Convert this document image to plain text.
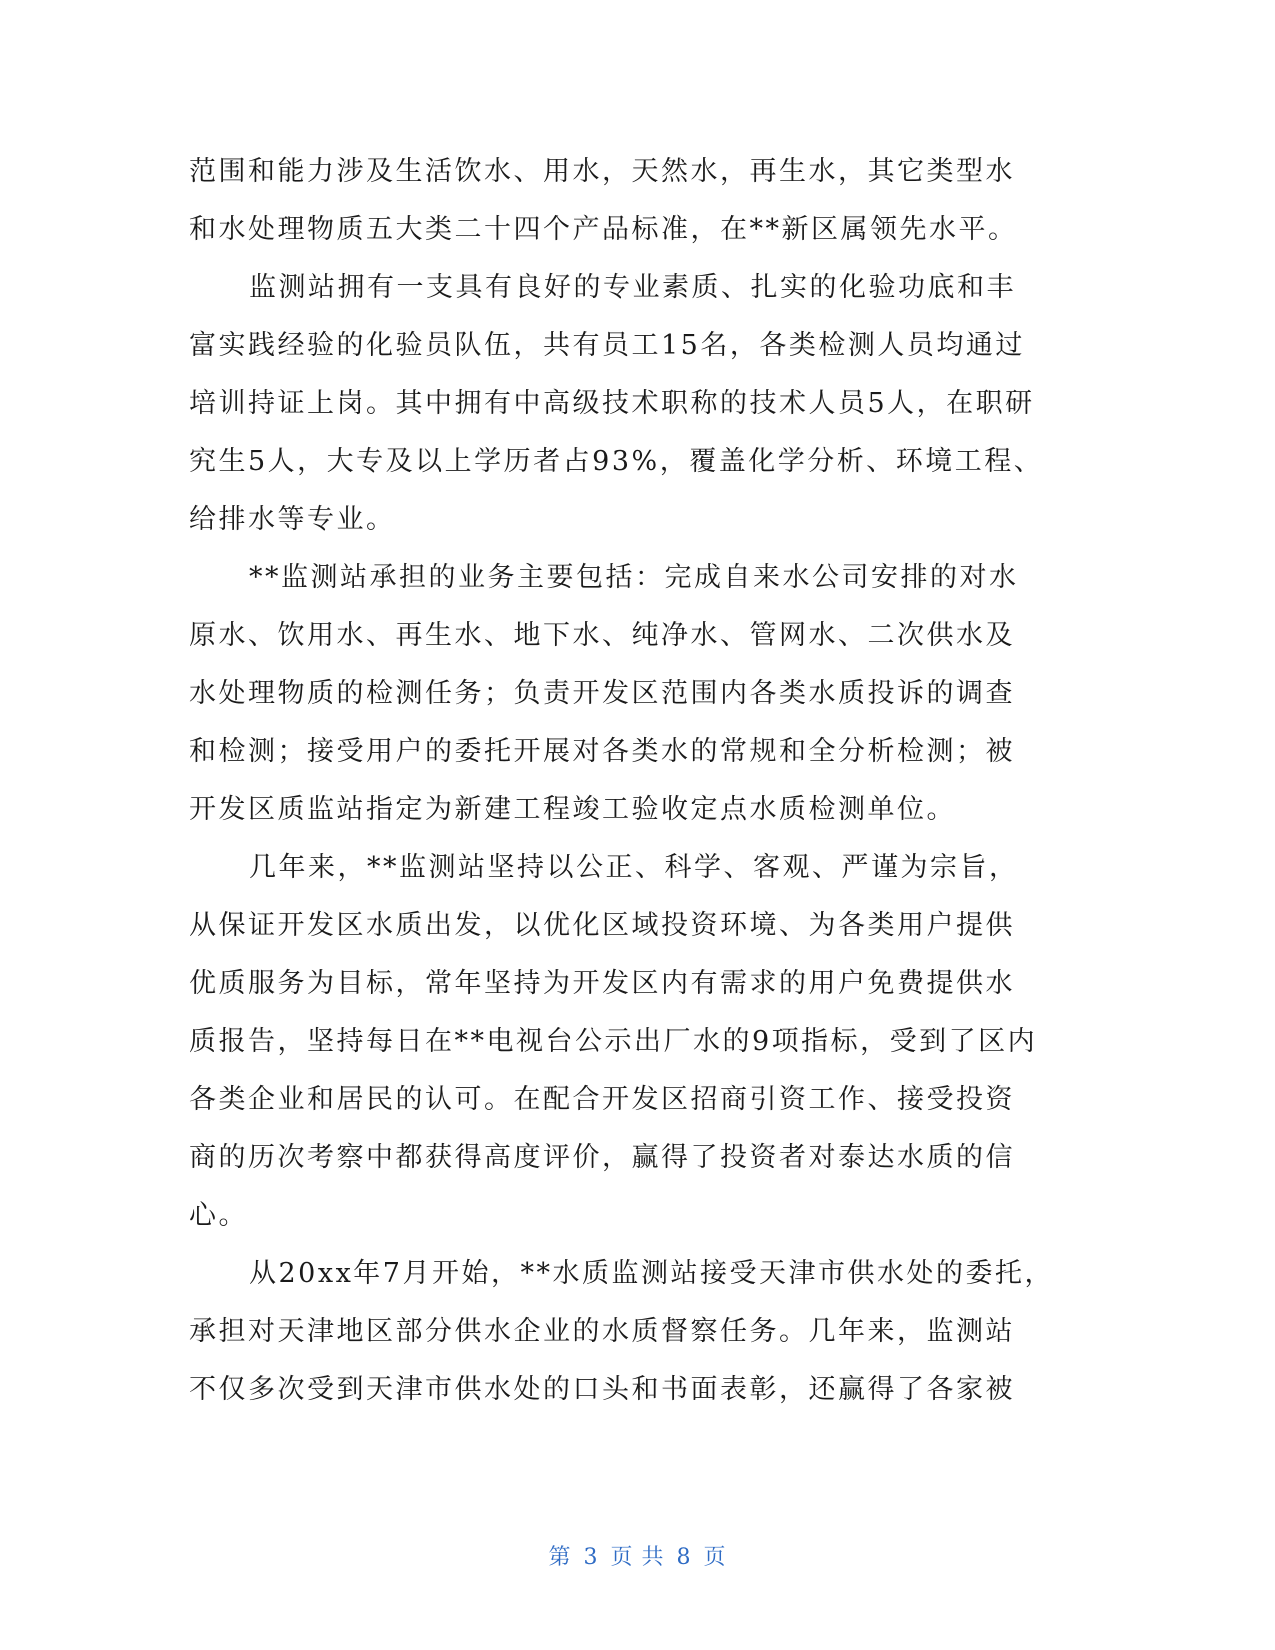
范围和能力涉及生活饮水、用水，天然水，再生水，其它类型水
和水处理物质五大类二十四个产品标准，在**新区属领先水平。
监测站拥有一支具有良好的专业素质、扎实的化验功底和丰
富实践经验的化验员队伍，共有员工15名，各类检测人员均通过
培训持证上岗。其中拥有中高级技术职称的技术人员5人，在职研
究生5人，大专及以上学历者占93%，覆盖化学分析、环境工程、
给排水等专业。
**监测站承担的业务主要包括：完成自来水公司安排的对水
原水、饮用水、再生水、地下水、纯净水、管网水、二次供水及
水处理物质的检测任务；负责开发区范围内各类水质投诉的调查
和检测；接受用户的委托开展对各类水的常规和全分析检测；被
开发区质监站指定为新建工程竣工验收定点水质检测单位。
几年来，**监测站坚持以公正、科学、客观、严谨为宗旨，
从保证开发区水质出发，以优化区域投资环境、为各类用户提供
优质服务为目标，常年坚持为开发区内有需求的用户免费提供水
质报告，坚持每日在**电视台公示出厂水的9项指标，受到了区内
各类企业和居民的认可。在配合开发区招商引资工作、接受投资
商的历次考察中都获得高度评价，赢得了投资者对泰达水质的信
心。
从20xx年7月开始，**水质监测站接受天津市供水处的委托，
承担对天津地区部分供水企业的水质督察任务。几年来，监测站
不仅多次受到天津市供水处的口头和书面表彰，还赢得了各家被
第 3 页 共 8 页
